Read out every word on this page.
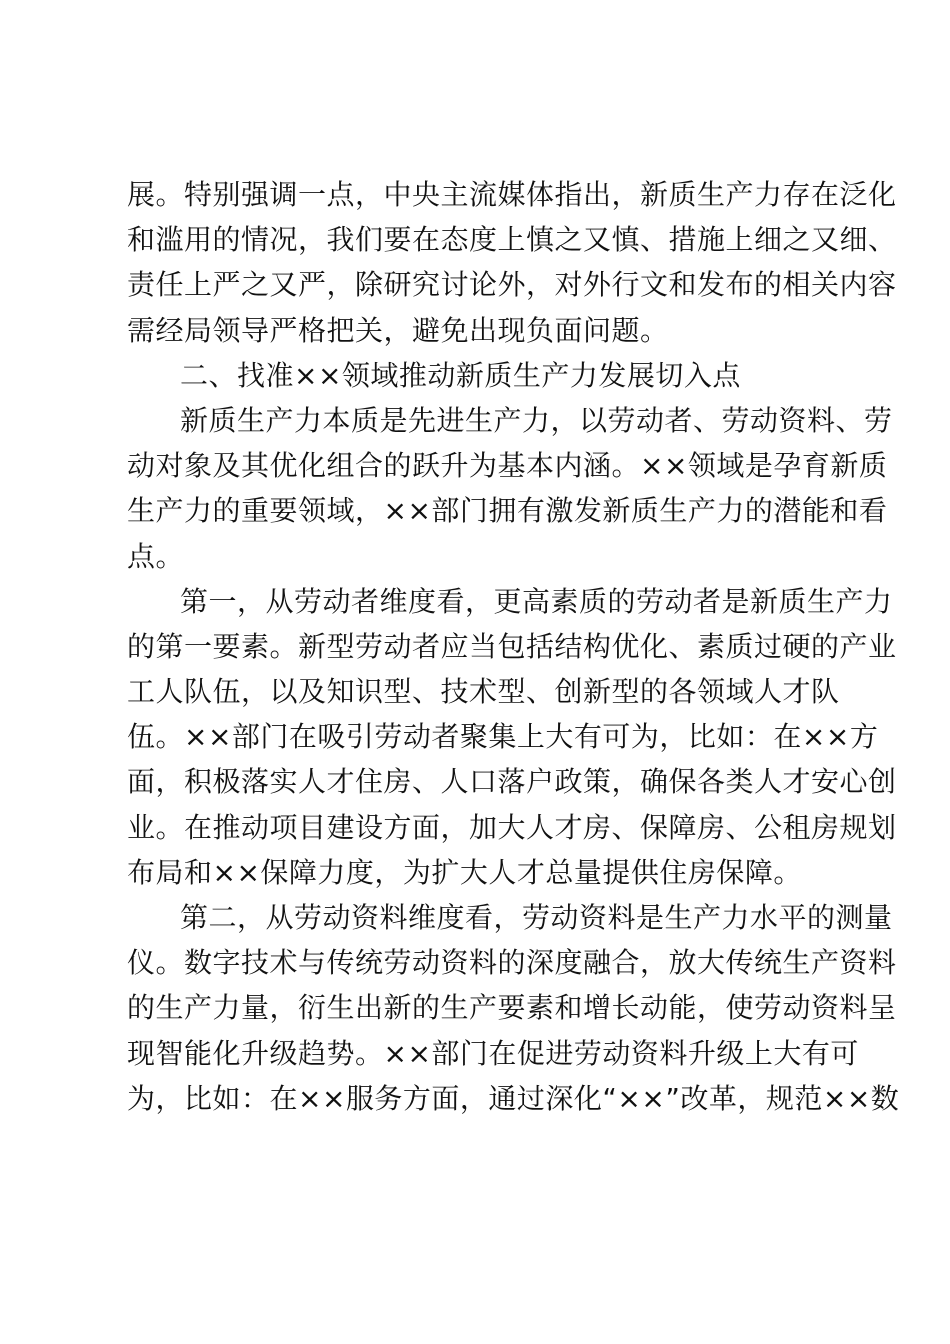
展。特别强调一点，中央主流媒体指出，新质生产力存在泛化
和滥用的情况，我们要在态度上慎之又慎、措施上细之又细、
责任上严之又严，除研究讨论外，对外行文和发布的相关内容
需经局领导严格把关，避免出现负面问题。
二、找准××领域推动新质生产力发展切入点
新质生产力本质是先进生产力，以劳动者、劳动资料、劳
动对象及其优化组合的跃升为基本内涵。××领域是孕育新质
生产力的重要领域，××部门拥有激发新质生产力的潜能和看
点。
第一，从劳动者维度看，更高素质的劳动者是新质生产力
的第一要素。新型劳动者应当包括结构优化、素质过硬的产业
工人队伍，以及知识型、技术型、创新型的各领域人才队
伍。××部门在吸引劳动者聚集上大有可为，比如：在××方
面，积极落实人才住房、人口落户政策，确保各类人才安心创
业。在推动项目建设方面，加大人才房、保障房、公租房规划
布局和××保障力度，为扩大人才总量提供住房保障。
第二，从劳动资料维度看，劳动资料是生产力水平的测量
仪。数字技术与传统劳动资料的深度融合，放大传统生产资料
的生产力量，衍生出新的生产要素和增长动能，使劳动资料呈
现智能化升级趋势。××部门在促进劳动资料升级上大有可
为，比如：在××服务方面，通过深化“××”改革，规范××数
